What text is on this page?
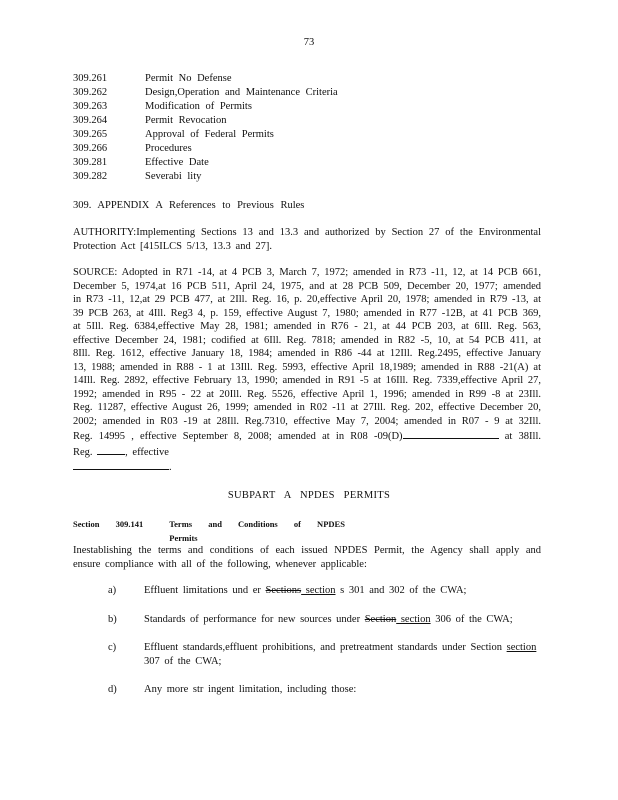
73
309.261	Permit No Defense
309.262	Design,Operation and Maintenance Criteria
309.263	Modification of Permits
309.264	Permit Revocation
309.265	Approval of Federal Permits
309.266	Procedures
309.281	Effective Date
309.282	Severabi lity
309. APPENDIX A References to Previous Rules
AUTHORITY:Implementing Sections 13 and 13.3 and authorized by Section 27 of the Environmental Protection Act [415ILCS 5/13, 13.3 and 27].
SOURCE: Adopted in R71 -14, at 4 PCB 3, March 7, 1972; amended in R73 -11, 12, at 14 PCB 661, December 5, 1974,at 16 PCB 511, April 24, 1975, and at 28 PCB 509, December 20, 1977; amended in R73 -11, 12,at 29 PCB 477, at 2Ill. Reg. 16, p. 20,effective April 20, 1978; amended in R79 -13, at 39 PCB 263, at 4Ill. Reg3 4, p. 159, effective August 7, 1980; amended in R77 -12B, at 41 PCB 369, at 5Ill. Reg. 6384,effective May 28, 1981; amended in R76 - 21, at 44 PCB 203, at 6Ill. Reg. 563, effective December 24, 1981; codified at 6Ill. Reg. 7818; amended in R82 -5, 10, at 54 PCB 411, at 8Ill. Reg. 1612, effective January 18, 1984; amended in R86 -44 at 12Ill. Reg.2495, effective January 13, 1988; amended in R88 - 1 at 13Ill. Reg. 5993, effective April 18,1989; amended in R88 -21(A) at 14Ill. Reg. 2892, effective February 13, 1990; amended in R91 -5 at 16Ill. Reg. 7339,effective April 27, 1992; amended in R95 - 22 at 20Ill. Reg. 5526, effective April 1, 1996; amended in R99 -8 at 23Ill. Reg. 11287, effective August 26, 1999; amended in R02 -11 at 27Ill. Reg. 202, effective December 20, 2002; amended in R03 -19 at 28Ill. Reg.7310, effective May 7, 2004; amended in R07 - 9 at 32Ill. Reg. 14995 , effective September 8, 2008; amended at in R08 -09(D)	at 38Ill. Reg.	, effective
.
SUBPART A NPDES PERMITS
Section	309.141	Terms and Conditions of NPDES Permits
Inestablishing the terms and conditions of each issued NPDES Permit, the Agency shall apply and ensure compliance with all of the following, whenever applicable:
a)	Effluent limitations und er Sections section s 301 and 302 of the CWA;
b)	Standards of performance for new sources under Section section 306 of the CWA;
c)	Effluent standards,effluent prohibitions, and pretreatment standards under Section section 307 of the CWA;
d)	Any more str ingent limitation, including those:
